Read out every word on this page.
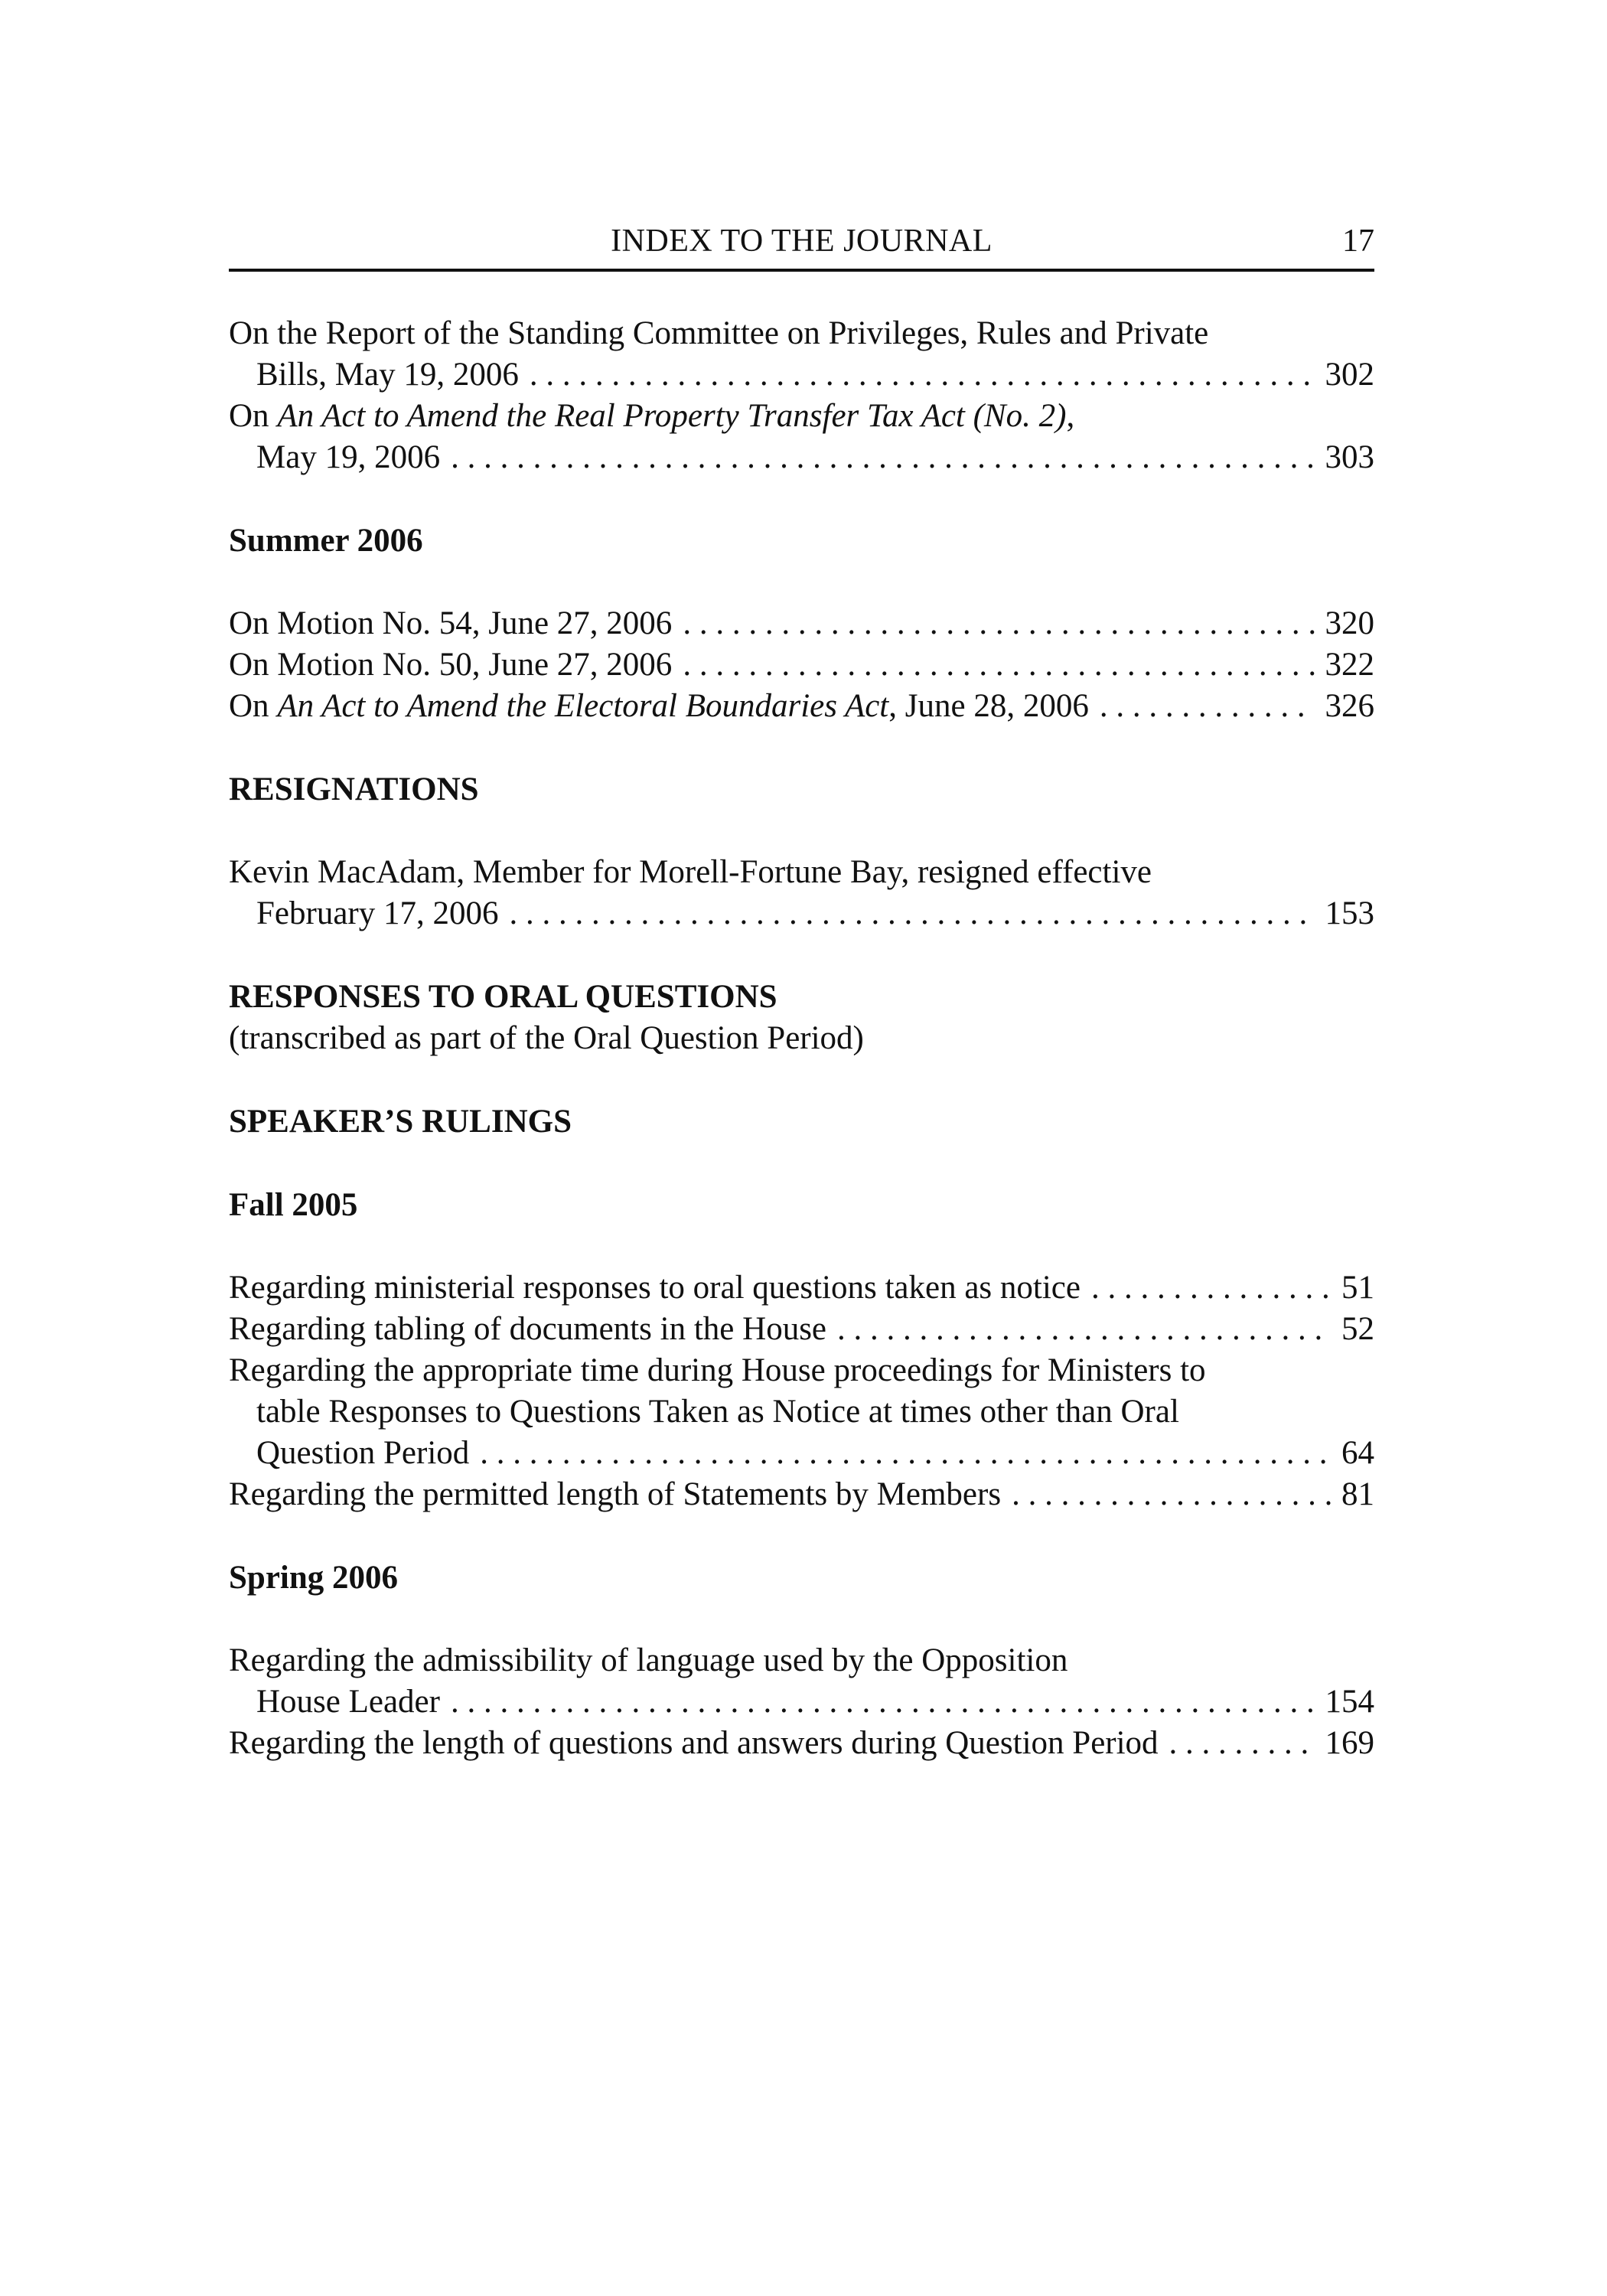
INDEX TO THE JOURNAL	17
On the Report of the Standing Committee on Privileges, Rules and Private
Bills, May 19, 2006 . . .	302
On An Act to Amend the Real Property Transfer Tax Act (No. 2),
May 19, 2006 . . .	303
Summer 2006
On Motion No. 54, June 27, 2006 . . .	320
On Motion No. 50, June 27, 2006 . . .	322
On An Act to Amend the Electoral Boundaries Act, June 28, 2006 . . .	326
RESIGNATIONS
Kevin MacAdam, Member for Morell-Fortune Bay, resigned effective
February 17, 2006 . . .	153
RESPONSES TO ORAL QUESTIONS
(transcribed as part of the Oral Question Period)
SPEAKER’S RULINGS
Fall 2005
Regarding ministerial responses to oral questions taken as notice . . .	51
Regarding tabling of documents in the House . . .	52
Regarding the appropriate time during House proceedings for Ministers to
table Responses to Questions Taken as Notice at times other than Oral
Question Period . . .	64
Regarding the permitted length of Statements by Members . . .	81
Spring 2006
Regarding the admissibility of language used by the Opposition
House Leader . . .	154
Regarding the length of questions and answers during Question Period . . .	169
